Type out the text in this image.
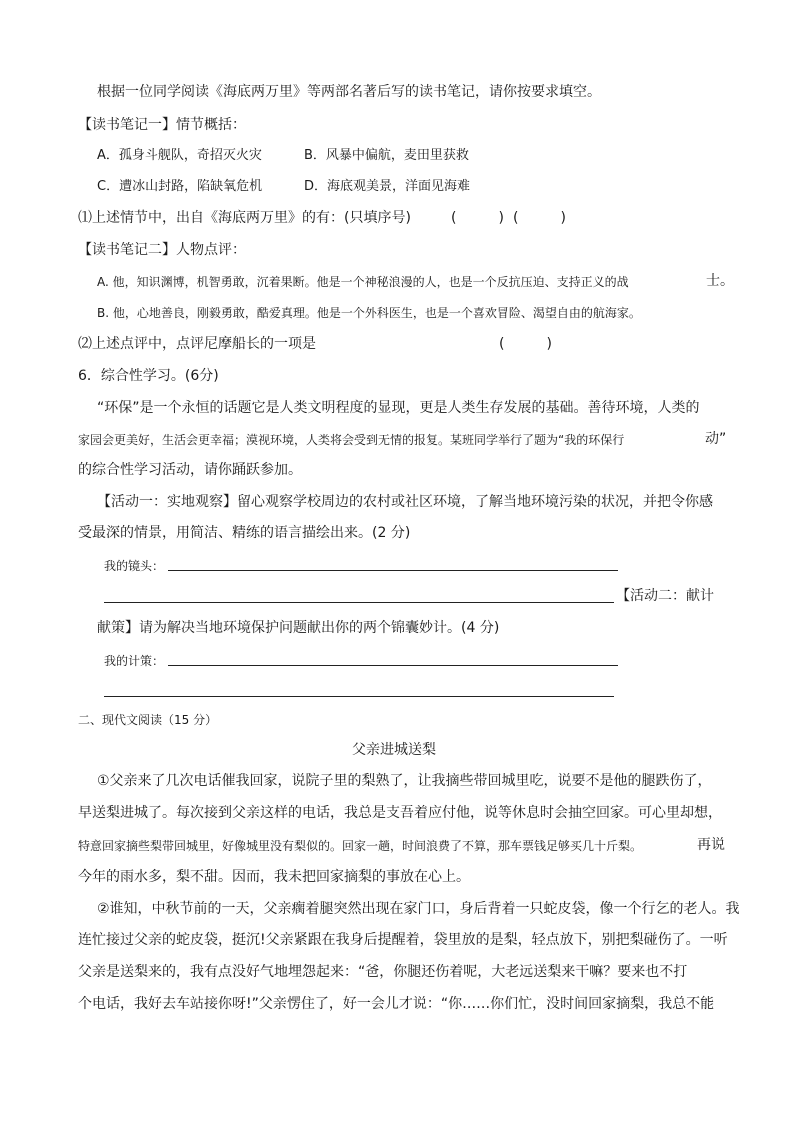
根据一位同学阅读《海底两万里》等两部名著后写的读书笔记，请你按要求填空。
【读书笔记一】情节概括：
A．孤身斗舰队，奇招灭火灾	B．风暴中偏航，麦田里获救
C．遭冰山封路，陷缺氧危机	D．海底观美景，洋面见海难
⑴上述情节中，出自《海底两万里》的有：(只填序号)	(　　　) (　　　)
【读书笔记二】人物点评：
A. 他，知识渊博，机智勇敢，沉着果断。他是一个神秘浪漫的人，也是一个反抗压迫、支持正义的战	士。
B. 他，心地善良，刚毅勇敢，酷爱真理。他是一个外科医生，也是一个喜欢冒险、渴望自由的航海家。
⑵上述点评中，点评尼摩船长的一项是	(　　　)
6．综合性学习。(6分)
“环保”是一个永恒的话题它是人类文明程度的显现，更是人类生存发展的基础。善待环境，人类的
家园会更美好，生活会更幸福；漠视环境，人类将会受到无情的报复。某班同学举行了题为“我的环保行	动”
的综合性学习活动，请你踊跃参加。
【活动一：实地观察】留心观察学校周边的农村或社区环境，了解当地环境污染的状况，并把令你感
受最深的情景，用简洁、精练的语言描绘出来。(2 分)
我的镜头：
【活动二：献计
献策】请为解决当地环境保护问题献出你的两个锦囊妙计。(4 分)
我的计策：
二、现代文阅读（15 分）
父亲进城送梨
①父亲来了几次电话催我回家，说院子里的梨熟了，让我摘些带回城里吃，说要不是他的腿跌伤了，
早送梨进城了。每次接到父亲这样的电话，我总是支吾着应付他，说等休息时会抽空回家。可心里却想，
特意回家摘些梨带回城里，好像城里没有梨似的。回家一趟，时间浪费了不算，那车票钱足够买几十斤梨。	再说
今年的雨水多，梨不甜。因而，我未把回家摘梨的事放在心上。
②谁知，中秋节前的一天，父亲瘸着腿突然出现在家门口，身后背着一只蛇皮袋，像一个行乞的老人。我
连忙接过父亲的蛇皮袋，挺沉!父亲紧跟在我身后提醒着，袋里放的是梨，轻点放下，别把梨碰伤了。一听
父亲是送梨来的，我有点没好气地埋怨起来：“爸，你腿还伤着呢，大老远送梨来干嘛？要来也不打
个电话，我好去车站接你呀!”父亲愣住了，好一会儿才说：“你……你们忙，没时间回家摘梨，我总不能
